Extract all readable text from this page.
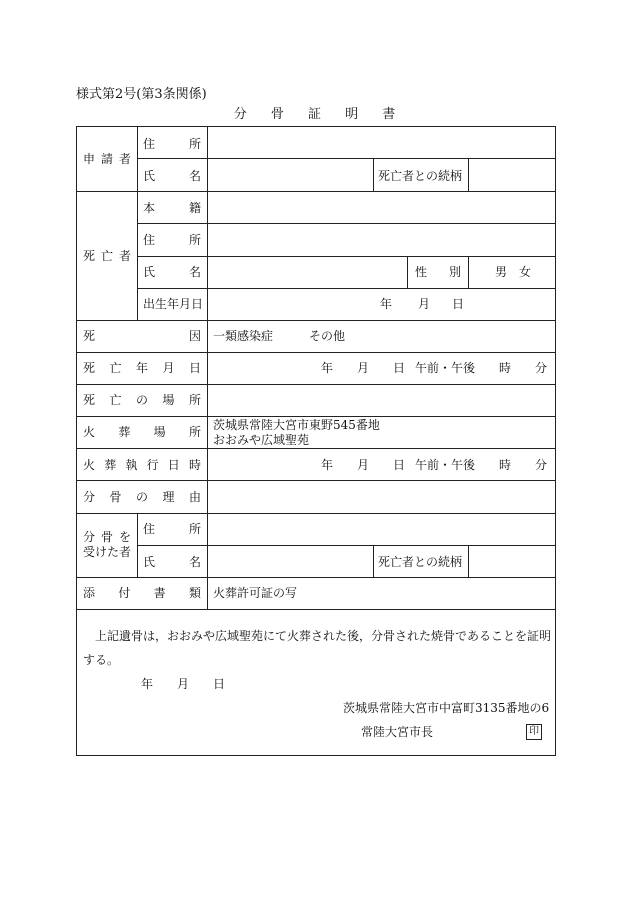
様式第2号(第3条関係)
分 骨 証 明 書
申 請 者
住	所
氏	名	死亡者との続柄
死 亡 者
本	籍
住	所
氏	名	性 別	男　女
出生年月日	年 月 日
死	因 一類感染症	その他
死 亡 年 月 日	年 月 日 午前・午後 時 分
死 亡 の 場 所
火 葬 場 所 茨城県常陸大宮市東野545番地
おおみや広域聖苑
火 葬 執 行 日 時	年 月 日 午前・午後 時 分
分 骨 の 理 由
分 骨 を
受けた者
住	所
氏	名	死亡者との続柄
添 付 書 類 火葬許可証の写
上記遺骨は，おおみや広域聖苑にて火葬された後，分骨された焼骨であることを証明
する。
年 月 日
茨城県常陸大宮市中富町3135番地の6
常陸大宮市長	印
